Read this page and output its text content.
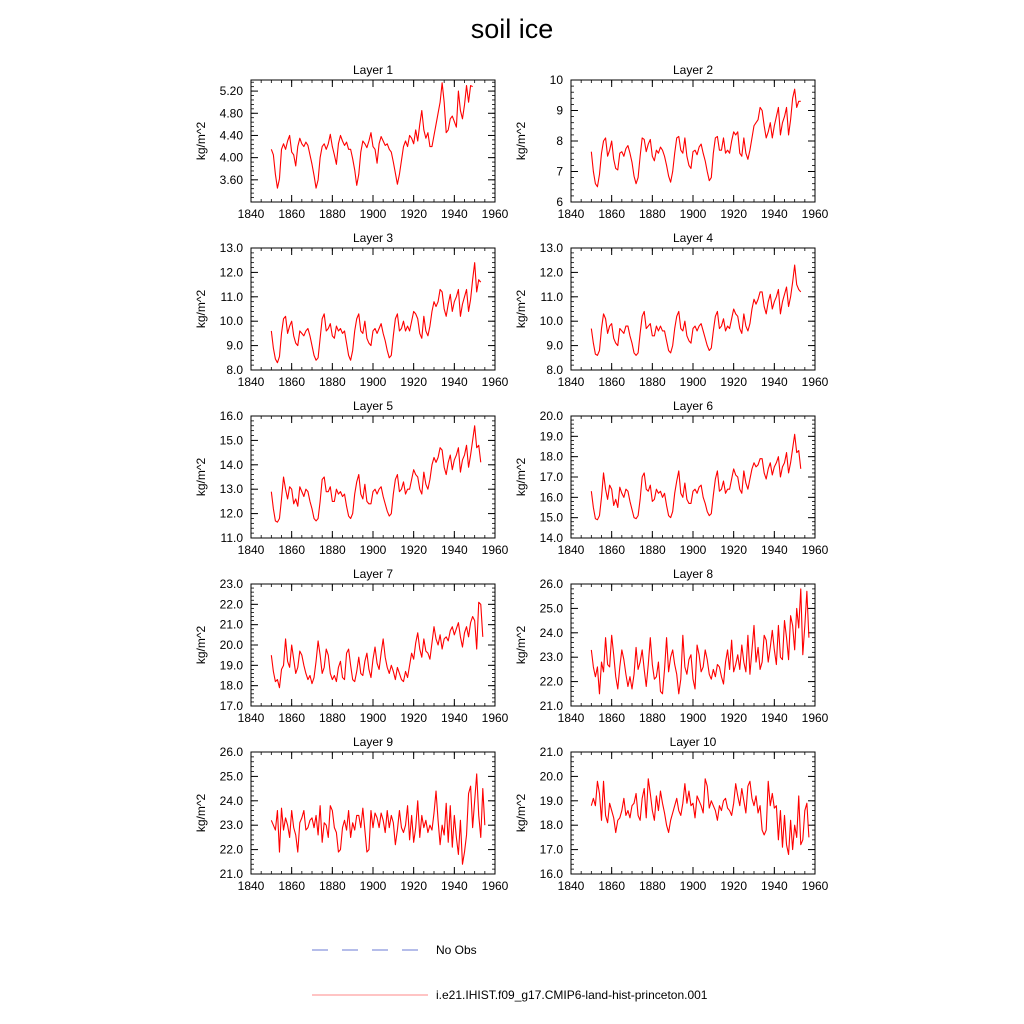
soil ice
Layer 1
kg/m^2
1840 1860 1880 1900 1920 1940 1960
3.60
4.00
4.40
4.80
5.20
Layer 2
kg/m^2
1840 1860 1880 1900 1920 1940 1960
6
7
8
9
10
Layer 3
kg/m^2
1840 1860 1880 1900 1920 1940 1960
8.0
9.0
10.0
11.0
12.0
13.0
Layer 4
kg/m^2
1840 1860 1880 1900 1920 1940 1960
8.0
9.0
10.0
11.0
12.0
13.0
Layer 5
kg/m^2
1840 1860 1880 1900 1920 1940 1960
11.0
12.0
13.0
14.0
15.0
16.0
Layer 6
kg/m^2
1840 1860 1880 1900 1920 1940 1960
14.0
15.0
16.0
17.0
18.0
19.0
20.0
Layer 7
kg/m^2
1840 1860 1880 1900 1920 1940 1960
17.0
18.0
19.0
20.0
21.0
22.0
23.0
Layer 8
kg/m^2
1840 1860 1880 1900 1920 1940 1960
21.0
22.0
23.0
24.0
25.0
26.0
Layer 9
kg/m^2
1840 1860 1880 1900 1920 1940 1960
21.0
22.0
23.0
24.0
25.0
26.0
Layer 10
kg/m^2
1840 1860 1880 1900 1920 1940 1960
16.0
17.0
18.0
19.0
20.0
21.0
No Obs
i.e21.IHIST.f09_g17.CMIP6-land-hist-princeton.001
